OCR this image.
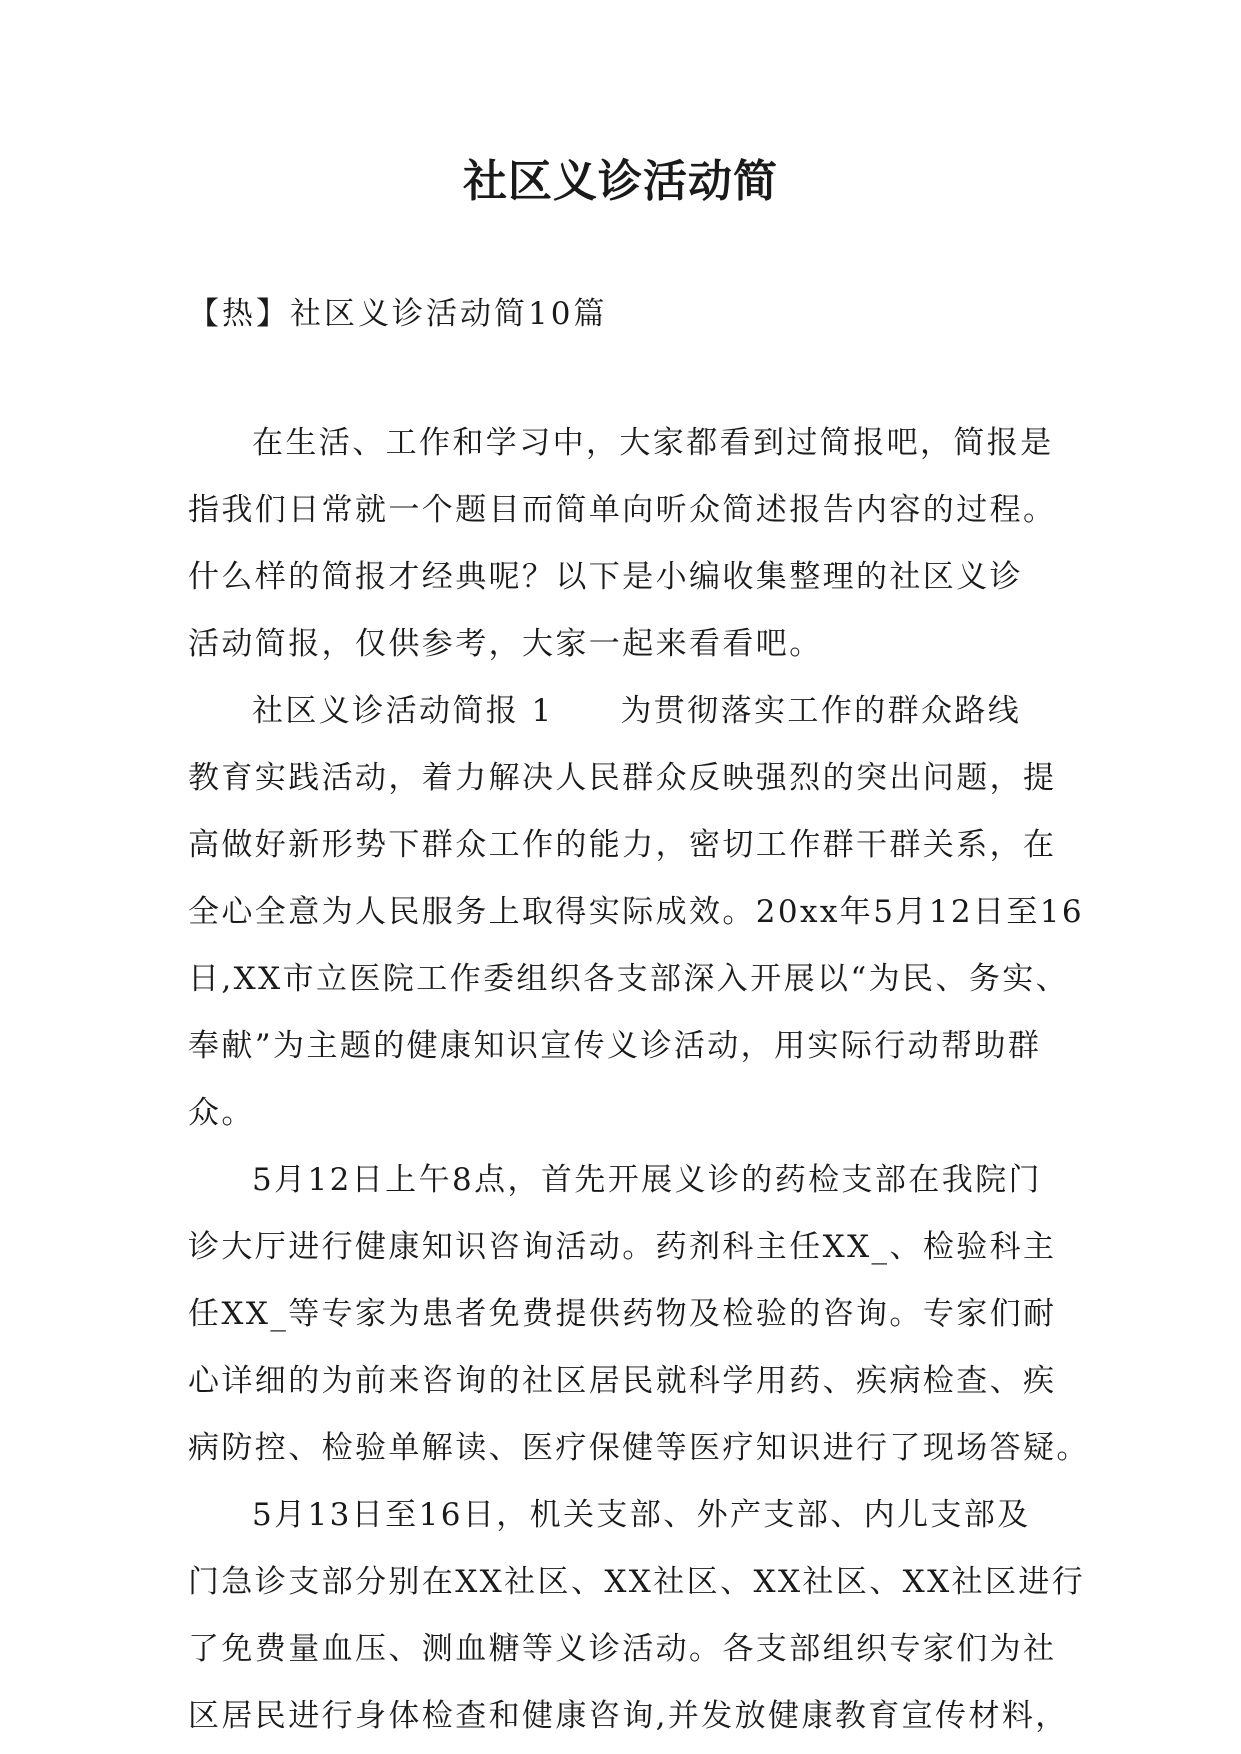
社区义诊活动简

【热】社区义诊活动简10篇

在生活、工作和学习中，大家都看到过简报吧，简报是
指我们日常就一个题目而简单向听众简述报告内容的过程。
什么样的简报才经典呢？以下是小编收集整理的社区义诊
活动简报，仅供参考，大家一起来看看吧。
社区义诊活动简报 1　　为贯彻落实工作的群众路线
教育实践活动，着力解决人民群众反映强烈的突出问题，提
高做好新形势下群众工作的能力，密切工作群干群关系，在
全心全意为人民服务上取得实际成效。20xx年5月12日至16
日,XX市立医院工作委组织各支部深入开展以“为民、务实、
奉献”为主题的健康知识宣传义诊活动，用实际行动帮助群
众。
5月12日上午8点，首先开展义诊的药检支部在我院门
诊大厅进行健康知识咨询活动。药剂科主任XX_、检验科主
任XX_等专家为患者免费提供药物及检验的咨询。专家们耐
心详细的为前来咨询的社区居民就科学用药、疾病检查、疾
病防控、检验单解读、医疗保健等医疗知识进行了现场答疑。
5月13日至16日，机关支部、外产支部、内儿支部及
门急诊支部分别在XX社区、XX社区、XX社区、XX社区进行
了免费量血压、测血糖等义诊活动。各支部组织专家们为社
区居民进行身体检查和健康咨询,并发放健康教育宣传材料，
